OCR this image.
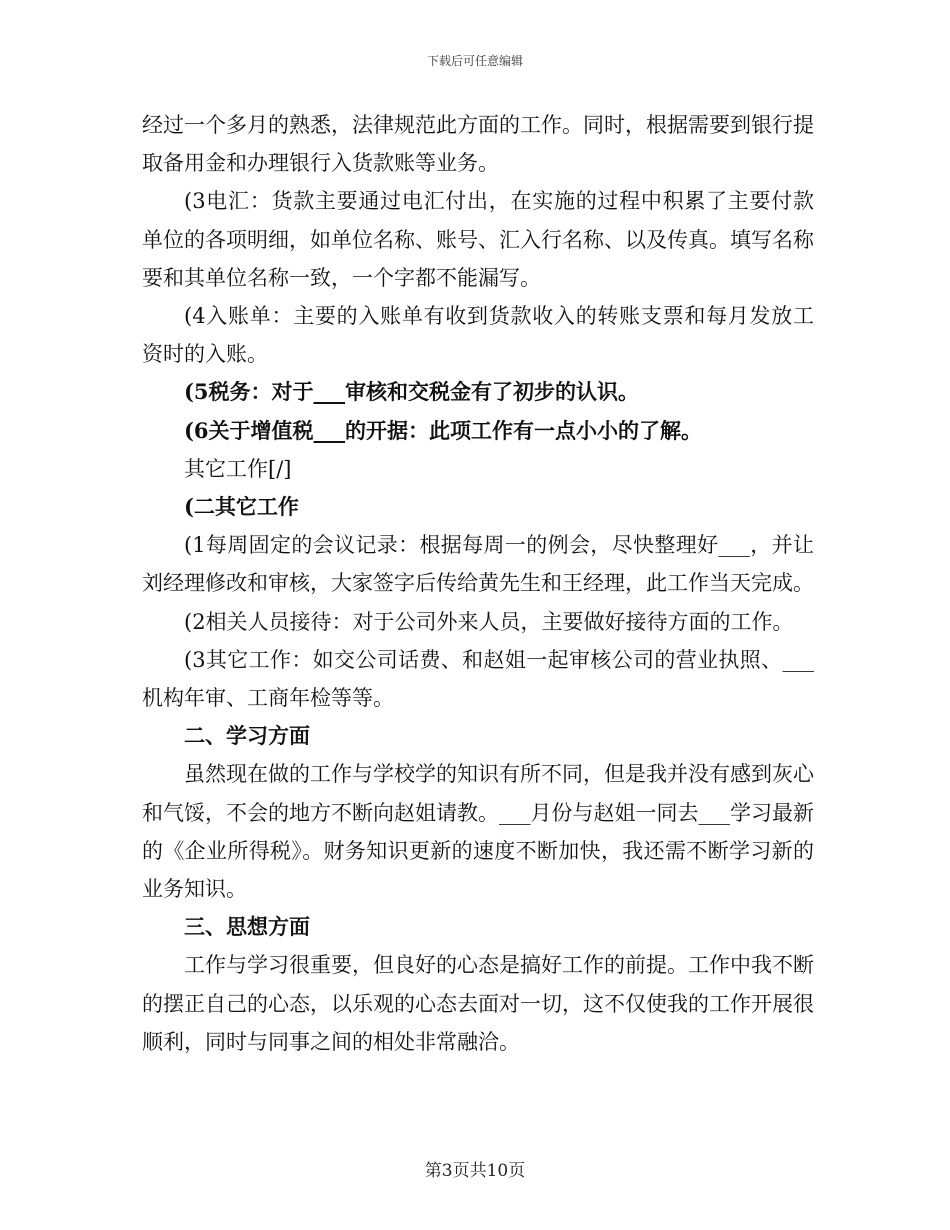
下载后可任意编辑

经过一个多月的熟悉，法律规范此方面的工作。同时，根据需要到银行提取备用金和办理银行入货款账等业务。

(3电汇：货款主要通过电汇付出，在实施的过程中积累了主要付款单位的各项明细，如单位名称、账号、汇入行名称、以及传真。填写名称要和其单位名称一致，一个字都不能漏写。

(4入账单：主要的入账单有收到货款收入的转账支票和每月发放工资时的入账。

(5税务：对于___审核和交税金有了初步的认识。

(6关于增值税___的开据：此项工作有一点小小的了解。

其它工作[/]

(二其它工作

(1每周固定的会议记录：根据每周一的例会，尽快整理好___，并让刘经理修改和审核，大家签字后传给黄先生和王经理，此工作当天完成。

(2相关人员接待：对于公司外来人员，主要做好接待方面的工作。

(3其它工作：如交公司话费、和赵姐一起审核公司的营业执照、___机构年审、工商年检等等。

二、学习方面

虽然现在做的工作与学校学的知识有所不同，但是我并没有感到灰心和气馁，不会的地方不断向赵姐请教。___月份与赵姐一同去___学习最新的《企业所得税》。财务知识更新的速度不断加快，我还需不断学习新的业务知识。

三、思想方面

工作与学习很重要，但良好的心态是搞好工作的前提。工作中我不断的摆正自己的心态，以乐观的心态去面对一切，这不仅使我的工作开展很顺利，同时与同事之间的相处非常融洽。

第3页共10页
